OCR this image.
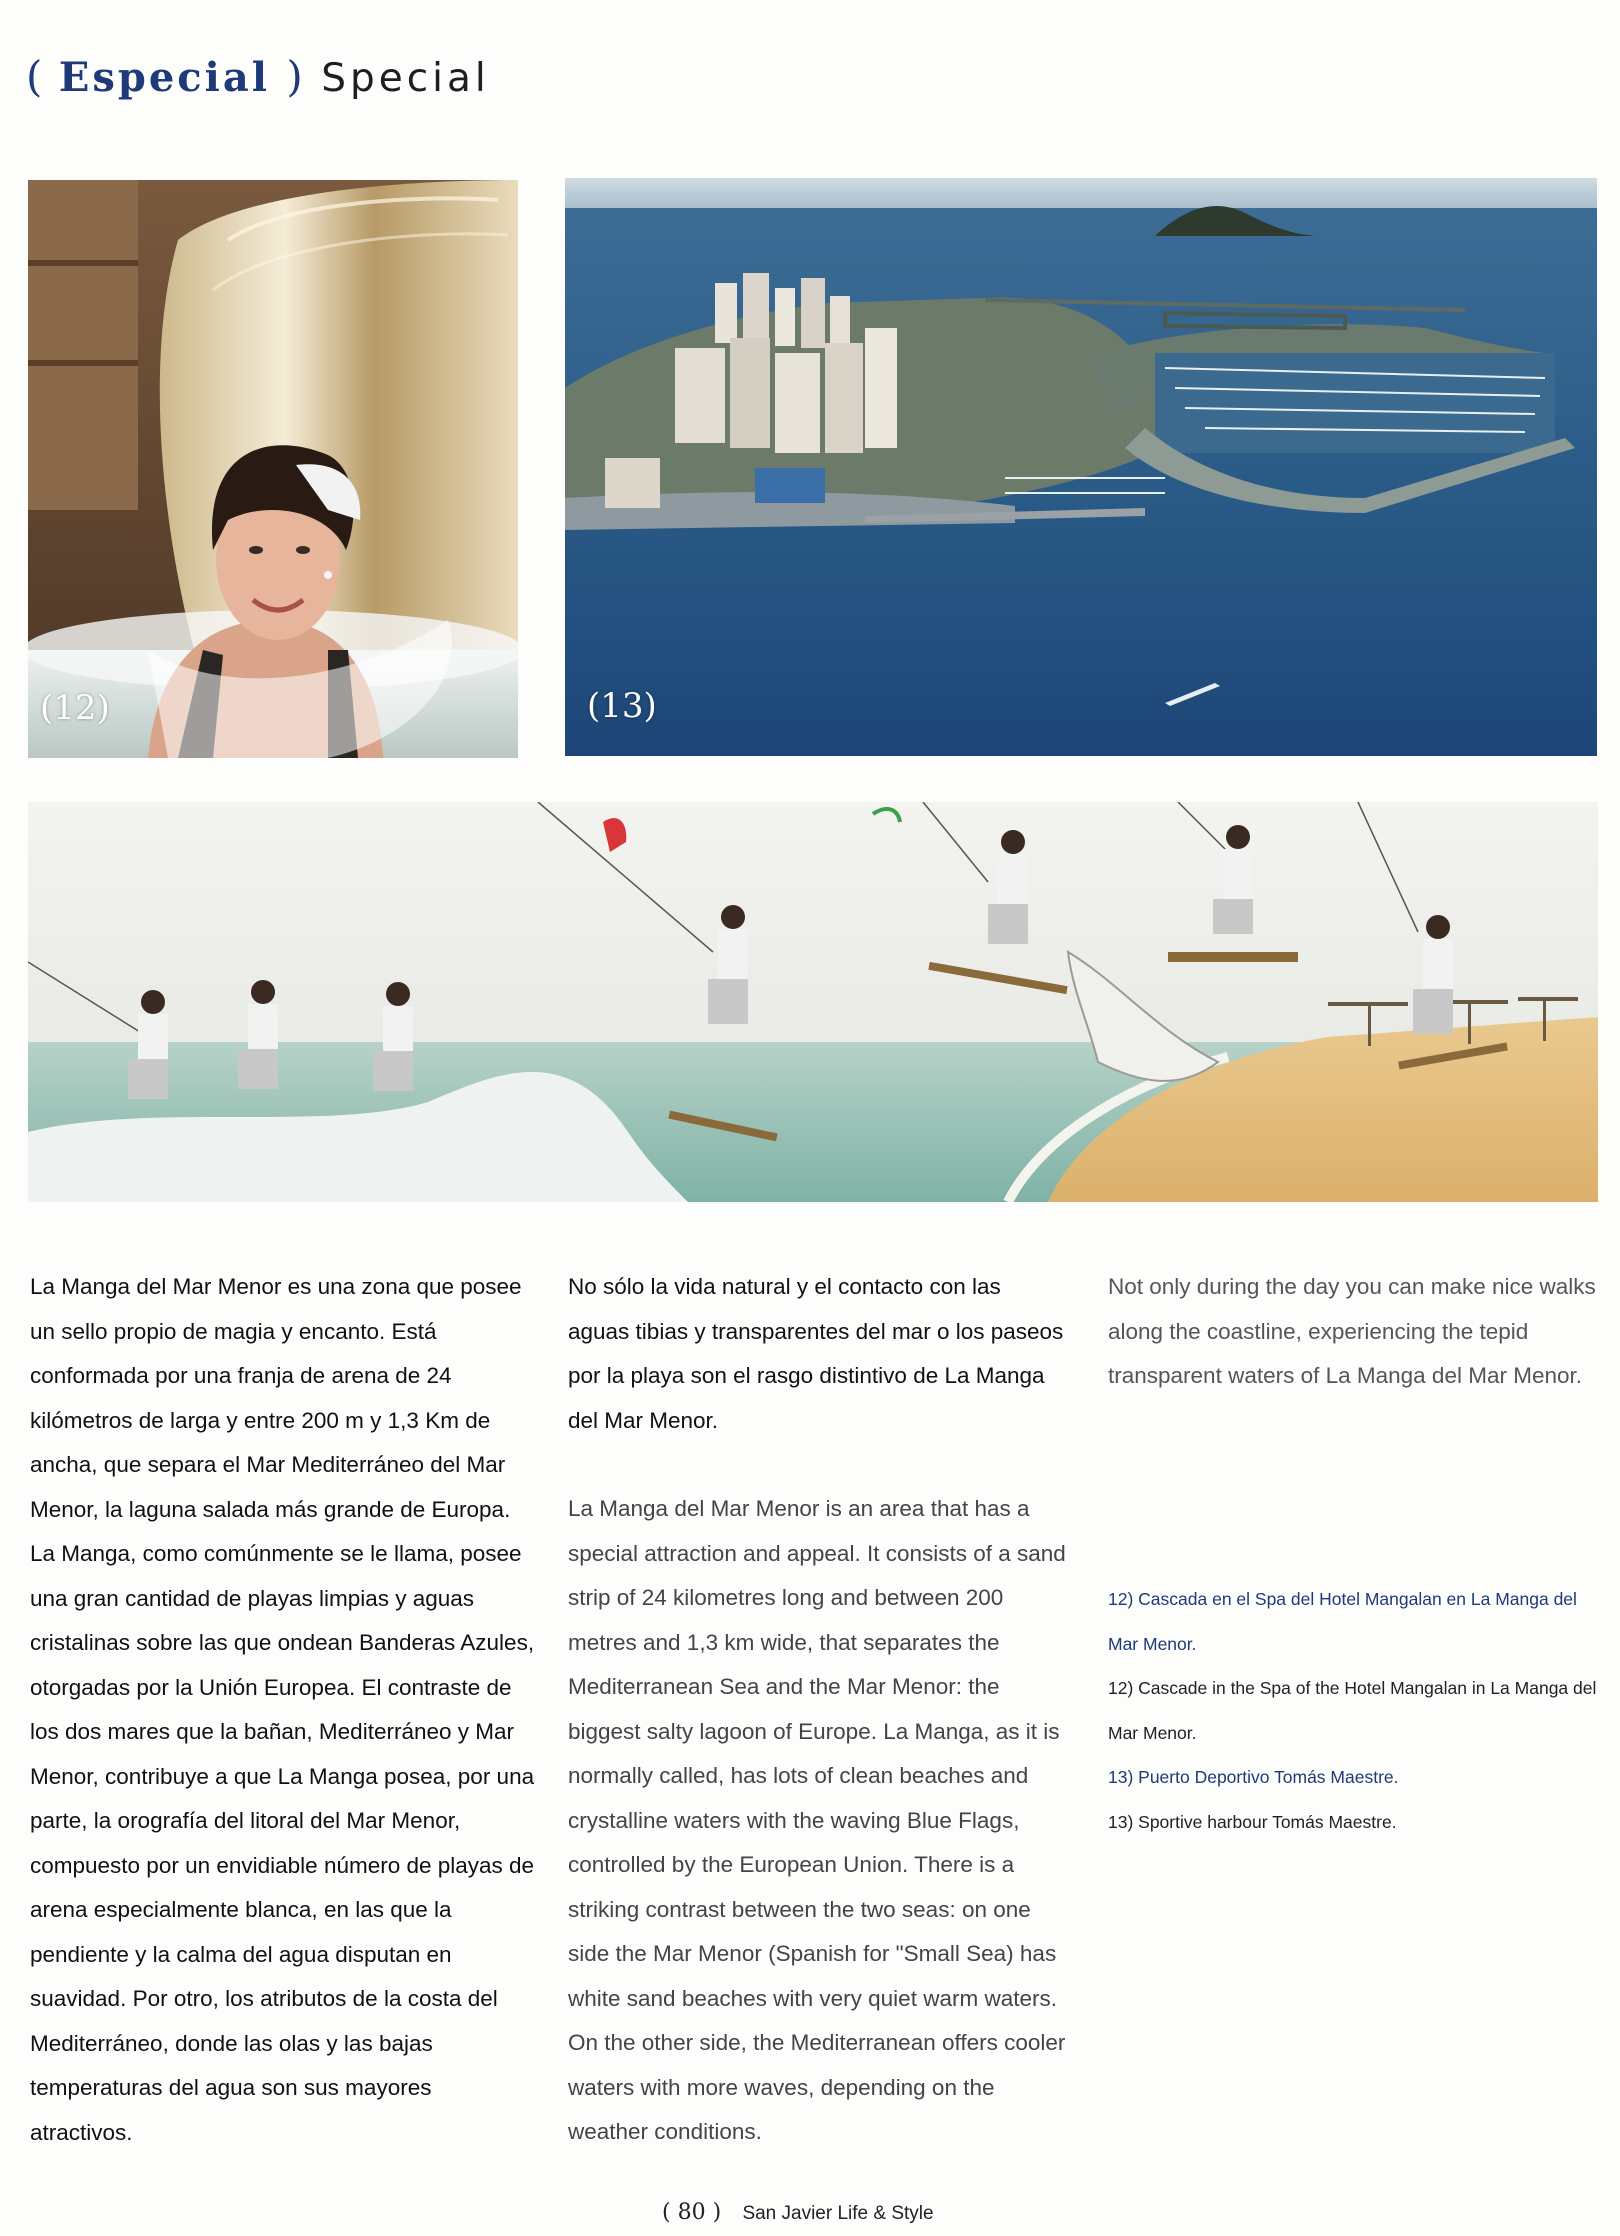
( Especial ) Special
(12)	(13)

La Manga del Mar Menor es una zona que posee un sello propio de magia y encanto. Está conformada por una franja de arena de 24 kilómetros de larga y entre 200 m y 1,3 Km de ancha, que separa el Mar Mediterráneo del Mar Menor, la laguna salada más grande de Europa. La Manga, como comúnmente se le llama, posee una gran cantidad de playas limpias y aguas cristalinas sobre las que ondean Banderas Azules, otorgadas por la Unión Europea. El contraste de los dos mares que la bañan, Mediterráneo y Mar Menor, contribuye a que La Manga posea, por una parte, la orografía del litoral del Mar Menor, compuesto por un envidiable número de playas de arena especialmente blanca, en las que la pendiente y la calma del agua disputan en suavidad. Por otro, los atributos de la costa del Mediterráneo, donde las olas y las bajas temperaturas del agua son sus mayores atractivos.

No sólo la vida natural y el contacto con las aguas tibias y transparentes del mar o los paseos por la playa son el rasgo distintivo de La Manga del Mar Menor.

La Manga del Mar Menor is an area that has a special attraction and appeal. It consists of a sand strip of 24 kilometres long and between 200 metres and 1,3 km wide, that separates the Mediterranean Sea and the Mar Menor: the biggest salty lagoon of Europe. La Manga, as it is normally called, has lots of clean beaches and crystalline waters with the waving Blue Flags, controlled by the European Union. There is a striking contrast between the two seas: on one side the Mar Menor (Spanish for "Small Sea) has white sand beaches with very quiet warm waters. On the other side, the Mediterranean offers cooler waters with more waves, depending on the weather conditions.

Not only during the day you can make nice walks along the coastline, experiencing the tepid transparent waters of La Manga del Mar Menor.

12) Cascada en el Spa del Hotel Mangalan en La Manga del Mar Menor.
12) Cascade in the Spa of the Hotel Mangalan in La Manga del Mar Menor.
13) Puerto Deportivo Tomás Maestre.
13) Sportive harbour Tomás Maestre.
( 80 ) San Javier Life & Style
